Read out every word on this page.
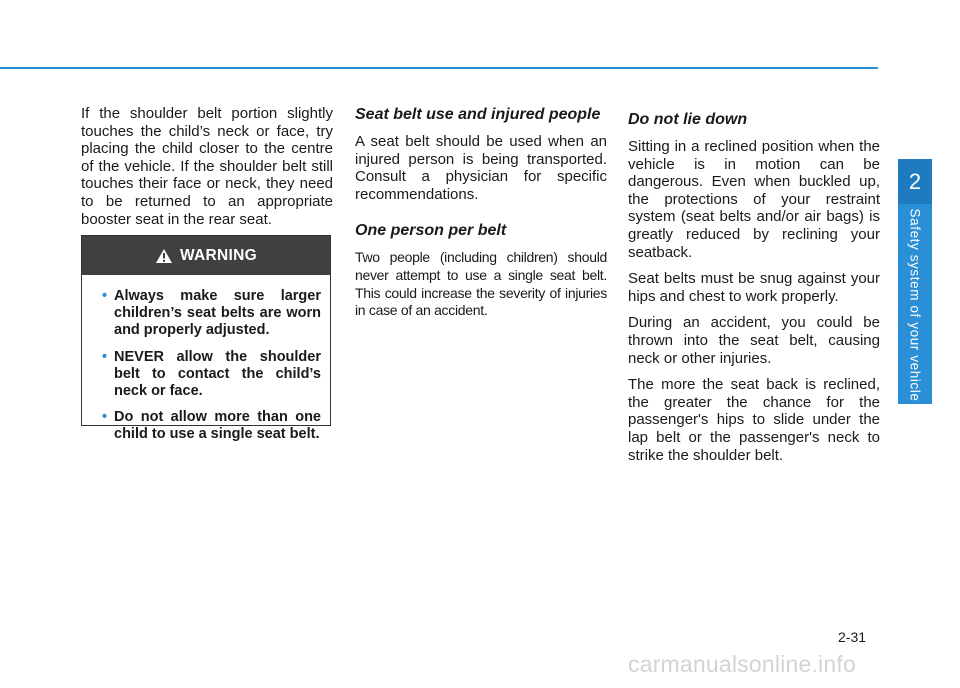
If the shoulder belt portion slightly touches the child’s neck or face, try placing the child closer to the centre of the vehicle. If the shoulder belt still touches their face or neck, they need to be returned to an appropriate booster seat in the rear seat.

WARNING
• Always make sure larger children’s seat belts are worn and properly adjusted.
• NEVER allow the shoulder belt to contact the child’s neck or face.
• Do not allow more than one child to use a single seat belt.
Seat belt use and injured people

A seat belt should be used when an injured person is being transported. Consult a physician for specific recommendations.

One person per belt

Two people (including children) should never attempt to use a single seat belt. This could increase the severity of injuries in case of an accident.

Do not lie down

Sitting in a reclined position when the vehicle is in motion can be dangerous. Even when buckled up, the protections of your restraint system (seat belts and/or air bags) is greatly reduced by reclining your seatback.

Seat belts must be snug against your hips and chest to work properly.

During an accident, you could be thrown into the seat belt, causing neck or other injuries.

The more the seat back is reclined, the greater the chance for the passenger's hips to slide under the lap belt or the passenger's neck to strike the shoulder belt.

2
Safety system of your vehicle
2-31
carmanualsonline.info
